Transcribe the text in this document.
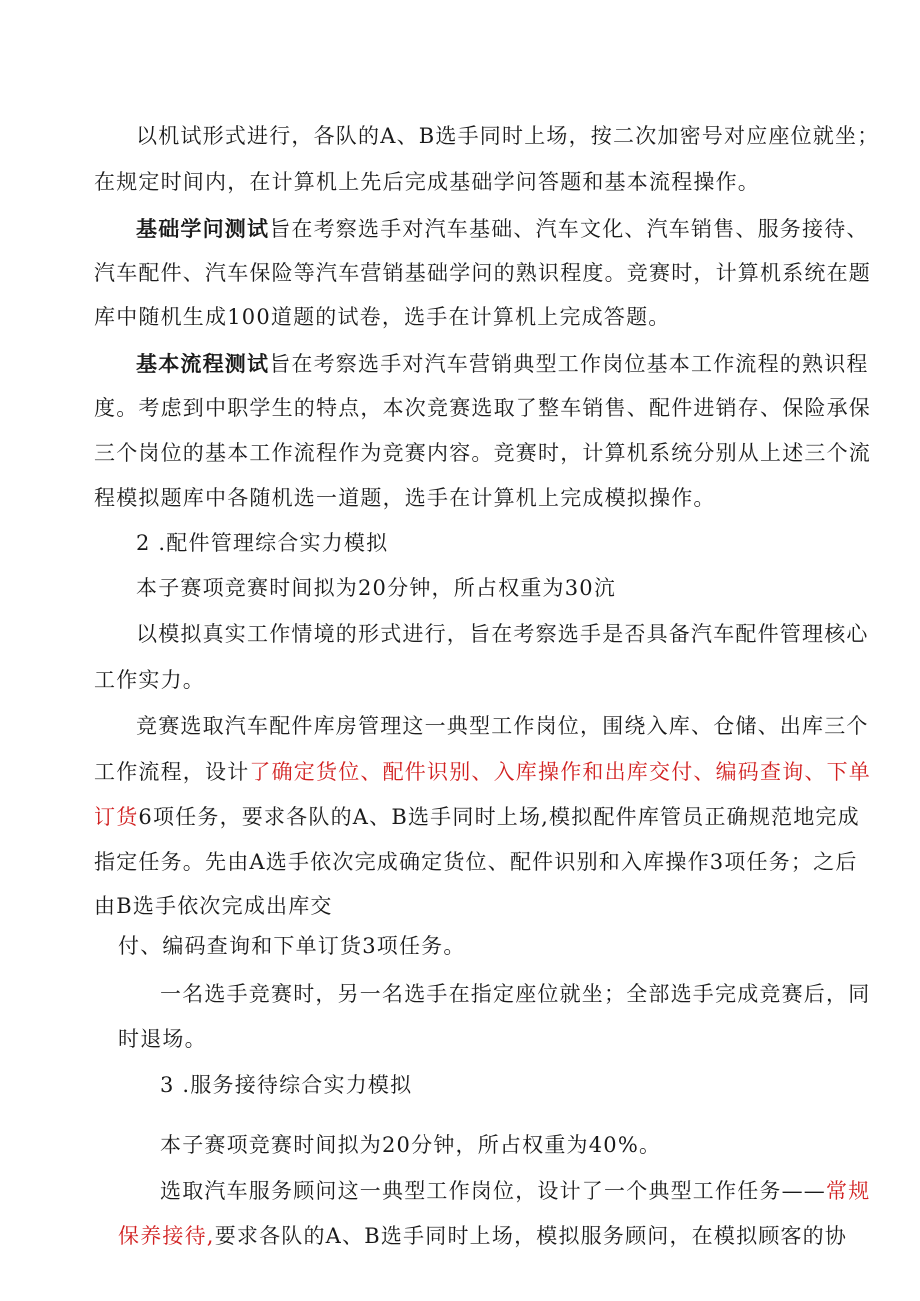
以机试形式进行，各队的A、B选手同时上场，按二次加密号对应座位就坐；
在规定时间内，在计算机上先后完成基础学问答题和基本流程操作。
基础学问测试旨在考察选手对汽车基础、汽车文化、汽车销售、服务接待、
汽车配件、汽车保险等汽车营销基础学问的熟识程度。竞赛时，计算机系统在题
库中随机生成100道题的试卷，选手在计算机上完成答题。
基本流程测试旨在考察选手对汽车营销典型工作岗位基本工作流程的熟识程
度。考虑到中职学生的特点，本次竞赛选取了整车销售、配件进销存、保险承保
三个岗位的基本工作流程作为竞赛内容。竞赛时，计算机系统分别从上述三个流
程模拟题库中各随机选一道题，选手在计算机上完成模拟操作。
2 .配件管理综合实力模拟
本子赛项竞赛时间拟为20分钟，所占权重为30沆
以模拟真实工作情境的形式进行，旨在考察选手是否具备汽车配件管理核心
工作实力。
竞赛选取汽车配件库房管理这一典型工作岗位，围绕入库、仓储、出库三个
工作流程，设计了确定货位、配件识别、入库操作和出库交付、编码查询、下单
订货6项任务，要求各队的A、B选手同时上场,模拟配件库管员正确规范地完成
指定任务。先由A选手依次完成确定货位、配件识别和入库操作3项任务；之后
由B选手依次完成出库交
付、编码查询和下单订货3项任务。
一名选手竞赛时，另一名选手在指定座位就坐；全部选手完成竞赛后，同
时退场。
3 .服务接待综合实力模拟
本子赛项竞赛时间拟为20分钟，所占权重为40%。
选取汽车服务顾问这一典型工作岗位，设计了一个典型工作任务——常规
保养接待,要求各队的A、B选手同时上场，模拟服务顾问，在模拟顾客的协
